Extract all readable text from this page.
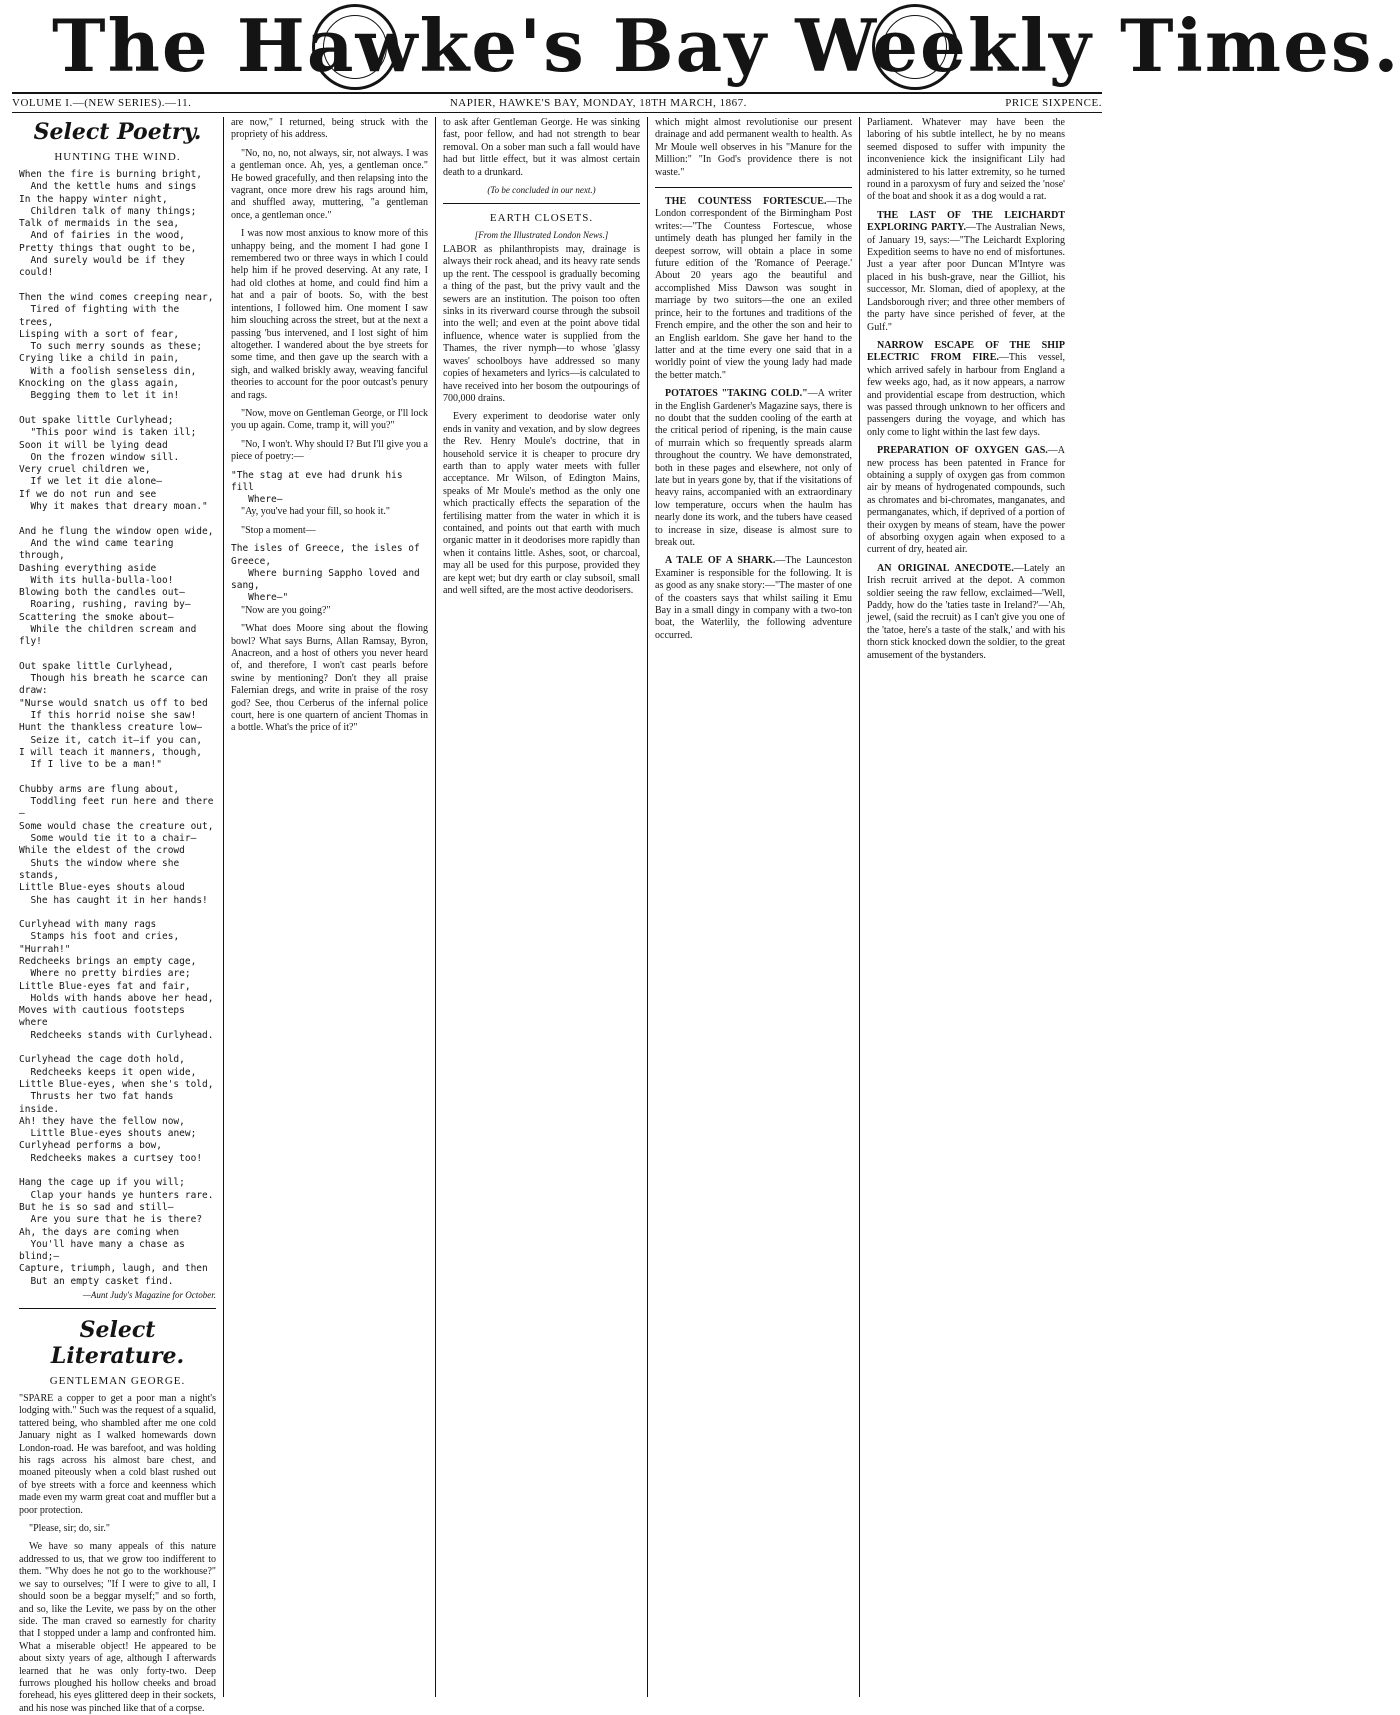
The Hawke's Bay Weekly Times.
VOLUME I.—(NEW SERIES).—11.	NAPIER, HAWKE'S BAY, MONDAY, 18TH MARCH, 1867.	PRICE SIXPENCE.
Select Poetry.
HUNTING THE WIND.
When the fire is burning bright,
And the kettle hums and sings
In the happy winter night,
Children talk of many things;
Talk of mermaids in the sea,
And of fairies in the wood,
Pretty things that ought to be,
And surely would be if they could!

Then the wind comes creeping near,
Tired of fighting with the trees,
Lisping with a sort of fear,
To such merry sounds as these;
Crying like a child in pain,
With a foolish senseless din,
Knocking on the glass again,
Begging them to let it in!

Out spake little Curlyhead;
"This poor wind is taken ill;
Soon it will be lying dead
On the frozen window sill.
Very cruel children we,
If we let it die alone—
If we do not run and see
Why it makes that dreary moan."

And he flung the window open wide,
And the wind came tearing through,
Dashing everything aside
With its hulla-bulla-loo!
Blowing both the candles out—
Roaring, rushing, raving by—
Scattering the smoke about—
While the children scream and fly!

Out spake little Curlyhead,
Though his breath he scarce can draw:
"Nurse would snatch us off to bed
If this horrid noise she saw!
Hunt the thankless creature low—
Seize it, catch it—if you can,
I will teach it manners, though,
If I live to be a man!"

Chubby arms are flung about,
Toddling feet run here and there—
Some would chase the creature out,
Some would tie it to a chair—
While the eldest of the crowd
Shuts the window where she stands,
Little Blue-eyes shouts aloud
She has caught it in her hands!

Curlyhead with many rags
Stamps his foot and cries, "Hurrah!"
Redcheeks brings an empty cage,
Where no pretty birdies are;
Little Blue-eyes fat and fair,
Holds with hands above her head,
Moves with cautious footsteps where
Redcheeks stands with Curlyhead.

Curlyhead the cage doth hold,
Redcheeks keeps it open wide,
Little Blue-eyes, when she's told,
Thrusts her two fat hands inside.
Ah! they have the fellow now,
Little Blue-eyes shouts anew;
Curlyhead performs a bow,
Redcheeks makes a curtsey too!

Hang the cage up if you will;
Clap your hands ye hunters rare.
But he is so sad and still—
Are you sure that he is there?
Ah, the days are coming when
You'll have many a chase as blind;—
Capture, triumph, laugh, and then
But an empty casket find.
—Aunt Judy's Magazine for October.
Select Literature.
GENTLEMAN GEORGE.

"SPARE a copper to get a poor man a night's lodging with." Such was the request of a squalid, tattered being, who shambled after me one cold January night as I walked homewards down London-road. He was barefoot, and was holding his rags across his almost bare chest, and moaned piteously when a cold blast rushed out of bye streets with a force and keenness which made even my warm great coat and muffler but a poor protection.

"Please, sir; do, sir."

We have so many appeals of this nature addressed to us, that we grow too indifferent to them. "Why does he not go to the workhouse?" we say to ourselves; "If I were to give to all, I should soon be a beggar myself;" and so forth, and so, like the Levite, we pass by on the other side. The man craved so earnestly for charity that I stopped under a lamp and confronted him. What a miserable object! He appeared to be about sixty years of age, although I afterwards learned that he was only forty-two. Deep furrows ploughed his hollow cheeks and broad forehead, his eyes glittered deep in their sockets, and his nose was pinched like that of a corpse.

are now," I returned, being struck with the propriety of his address.

"No, no, no, not always, sir, not always. I was a gentleman once. Ah, yes, a gentleman once." He bowed gracefully, and then relapsing into the vagrant, once more drew his rags around him, and shuffled away, muttering, "a gentleman once, a gentleman once."

I was now most anxious to know more of this unhappy being, and the moment I had gone I remembered two or three ways in which I could help him if he proved deserving. At any rate, I had old clothes at home, and could find him a hat and a pair of boots. So, with the best intentions, I followed him. One moment I saw him slouching across the street, but at the next a passing 'bus intervened, and I lost sight of him altogether. I wandered about the bye streets for some time, and then gave up the search with a sigh, and walked briskly away, weaving fanciful theories to account for the poor outcast's penury and rags.

"Now, move on Gentleman George, or I'll lock you up again. Come, tramp it, will you?"

"No, I won't. Why should I? But I'll give you a piece of poetry:—

"The stag at eve had drunk his fill
Where—

"Ay, you've had your fill, so hook it."

"Stop a moment—

The isles of Greece, the isles of Greece,
Where burning Sappho loved and sang,
Where—"

"Now are you going?"

"What does Moore sing about the flowing bowl? What says Burns, Allan Ramsay, Byron, Anacreon, and a host of others you never heard of, and therefore, I won't cast pearls before swine by mentioning? Don't they all praise Falernian dregs, and write in praise of the rosy god? See, thou Cerberus of the infernal police court, here is one quartern of ancient Thomas in a bottle. What's the price of it?"

to ask after Gentleman George. He was sinking fast, poor fellow, and had not strength to bear removal. On a sober man such a fall would have had but little effect, but it was almost certain death to a drunkard.

(To be concluded in our next.)
EARTH CLOSETS.
[From the Illustrated London News.]

LABOR as philanthropists may, drainage is always their rock ahead, and its heavy rate sends up the rent. The cesspool is gradually becoming a thing of the past, but the privy vault and the sewers are an institution. The poison too often sinks in its riverward course through the subsoil into the well; and even at the point above tidal influence, whence water is supplied from the Thames, the river nymph—to whose 'glassy waves' schoolboys have addressed so many copies of hexameters and lyrics—is calculated to have received into her bosom the outpourings of 700,000 drains.

Every experiment to deodorise water only ends in vanity and vexation, and by slow degrees the Rev. Henry Moule's doctrine, that in household service it is cheaper to procure dry earth than to apply water meets with fuller acceptance. Mr Wilson, of Edington Mains, speaks of Mr Moule's method as the only one which practically effects the separation of the fertilising matter from the water in which it is contained, and points out that earth with much organic matter in it deodorises more rapidly than when it contains little. Ashes, soot, or charcoal, may all be used for this purpose, provided they are kept wet; but dry earth or clay subsoil, small and well sifted, are the most active deodorisers.

which might almost revolutionise our present drainage and add permanent wealth to health. As Mr Moule well observes in his "Manure for the Million:" "In God's providence there is not waste."

THE COUNTESS FORTESCUE.—The London correspondent of the Birmingham Post writes:—"The Countess Fortescue, whose untimely death has plunged her family in the deepest sorrow, will obtain a place in some future edition of the 'Romance of Peerage.' About 20 years ago the beautiful and accomplished Miss Dawson was sought in marriage by two suitors—the one an exiled prince, heir to the fortunes and traditions of the French empire, and the other the son and heir to an English earldom. She gave her hand to the latter and at the time every one said that in a worldly point of view the young lady had made the better match."

POTATOES "TAKING COLD."—A writer in the English Gardener's Magazine says, there is no doubt that the sudden cooling of the earth at the critical period of ripening, is the main cause of murrain which so frequently spreads alarm throughout the country. We have demonstrated, both in these pages and elsewhere, not only of late but in years gone by, that if the visitations of heavy rains, accompanied with an extraordinary low temperature, occurs when the haulm has nearly done its work, and the tubers have ceased to increase in size, disease is almost sure to break out.

A TALE OF A SHARK.—The Launceston Examiner is responsible for the following. It is as good as any snake story:—"The master of one of the coasters says that whilst sailing it Emu Bay in a small dingy in company with a two-ton boat, the Waterlily, the following adventure occurred.

Parliament. Whatever may have been the laboring of his subtle intellect, he by no means seemed disposed to suffer with impunity the inconvenience kick the insignificant Lily had administered to his latter extremity, so he turned round in a paroxysm of fury and seized the 'nose' of the boat and shook it as a dog would a rat.

THE LAST OF THE LEICHARDT EXPLORING PARTY.—The Australian News, of January 19, says:—"The Leichardt Exploring Expedition seems to have no end of misfortunes. Just a year after poor Duncan M'Intyre was placed in his bush-grave, near the Gilliot, his successor, Mr. Sloman, died of apoplexy, at the Landsborough river; and three other members of the party have since perished of fever, at the Gulf."

NARROW ESCAPE OF THE SHIP ELECTRIC FROM FIRE.—This vessel, which arrived safely in harbour from England a few weeks ago, had, as it now appears, a narrow and providential escape from destruction, which was passed through unknown to her officers and passengers during the voyage, and which has only come to light within the last few days.

PREPARATION OF OXYGEN GAS.—A new process has been patented in France for obtaining a supply of oxygen gas from common air by means of hydrogenated compounds, such as chromates and bi-chromates, manganates, and permanganates, which, if deprived of a portion of their oxygen by means of steam, have the power of absorbing oxygen again when exposed to a current of dry, heated air.

AN ORIGINAL ANECDOTE.—Lately an Irish recruit arrived at the depot. A common soldier seeing the raw fellow, exclaimed—'Well, Paddy, how do the 'taties taste in Ireland?'—'Ah, jewel, (said the recruit) as I can't give you one of the 'tatoe, here's a taste of the stalk,' and with his thorn stick knocked down the soldier, to the great amusement of the bystanders.
